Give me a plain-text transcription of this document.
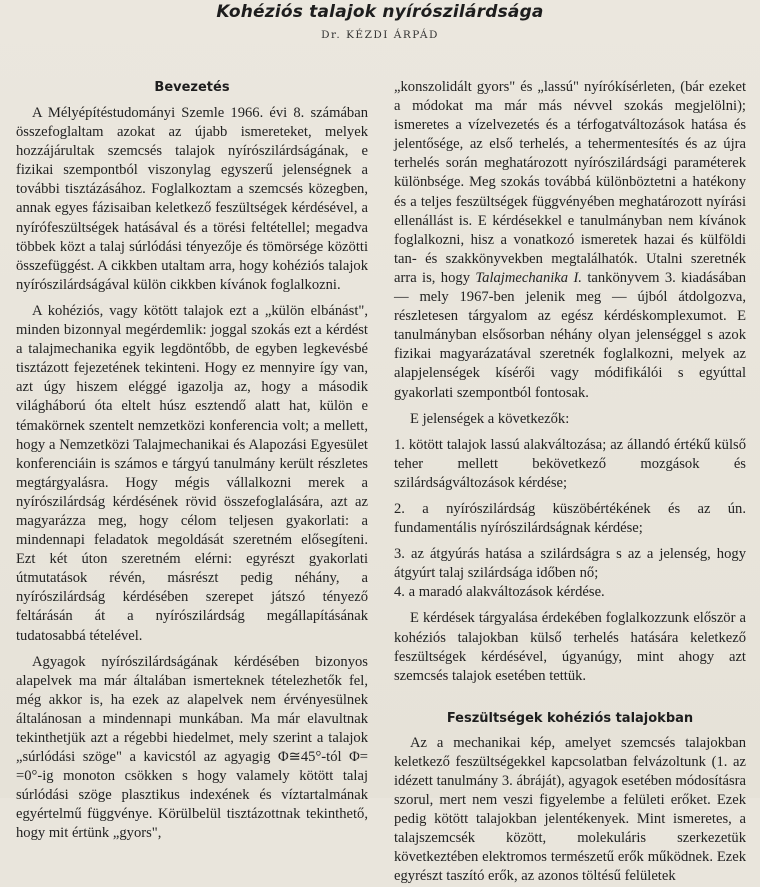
Kohéziós talajok nyírószilárdsága
Dr. KÉZDI ÁRPÁD
Bevezetés

A Mélyépítéstudományi Szemle 1966. évi 8. számában összefoglaltam azokat az újabb ismereteket, melyek hozzájárultak szemcsés talajok nyírószilárdságának, e fizikai szempontból viszonylag egyszerű jelenségnek a további tisztázásához. Foglalkoztam a szemcsés közegben, annak egyes fázisaiban keletkező feszültségek kérdésével, a nyírófeszültségek hatásával és a törési feltétellel; megadva többek közt a talaj súrlódási tényezője és tömörsége közötti összefüggést. A cikkben utaltam arra, hogy kohéziós talajok nyírószilárdságával külön cikkben kívánok foglalkozni.

A kohéziós, vagy kötött talajok ezt a „külön elbánást", minden bizonnyal megérdemlik: joggal szokás ezt a kérdést a talajmechanika egyik legdöntőbb, de egyben legkevésbé tisztázott fejezetének tekinteni. Hogy ez mennyire így van, azt úgy hiszem eléggé igazolja az, hogy a második világháború óta eltelt húsz esztendő alatt hat, külön e témakörnek szentelt nemzetközi konferencia volt; a mellett, hogy a Nemzetközi Talajmechanikai és Alapozási Egyesület konferenciáin is számos e tárgyú tanulmány került részletes megtárgyalásra. Hogy mégis vállalkozni merek a nyírószilárdság kérdésének rövid összefoglalására, azt az magyarázza meg, hogy célom teljesen gyakorlati: a mindennapi feladatok megoldását szeretném elősegíteni. Ezt két úton szeretném elérni: egyrészt gyakorlati útmutatások révén, másrészt pedig néhány, a nyírószilárdság kérdésében szerepet játszó tényező feltárásán át a nyírószilárdság megállapításának tudatosabbá tételével.

Agyagok nyírószilárdságának kérdésében bizonyos alapelvek ma már általában ismerteknek tételezhetők fel, még akkor is, ha ezek az alapelvek nem érvényesülnek általánosan a mindennapi munkában. Ma már elavultnak tekinthetjük azt a régebbi hiedelmet, mely szerint a talajok „súrlódási szöge" a kavicstól az agyagig Φ≅45°-tól Φ= =0°-ig monoton csökken s hogy valamely kötött talaj súrlódási szöge plasztikus indexének és víztartalmának egyértelmű függvénye. Körülbelül tisztázottnak tekinthető, hogy mit értünk „gyors",

„konszolidált gyors" és „lassú" nyírókísérleten, (bár ezeket a módokat ma már más névvel szokás megjelölni); ismeretes a vízelvezetés és a térfogatváltozások hatása és jelentősége, az első terhelés, a tehermentesítés és az újra terhelés során meghatározott nyírószilárdsági paraméterek különbsége. Meg szokás továbbá különböztetni a hatékony és a teljes feszültségek függvényében meghatározott nyírási ellenállást is. E kérdésekkel e tanulmányban nem kívánok foglalkozni, hisz a vonatkozó ismeretek hazai és külföldi tan- és szakkönyvekben megtalálhatók. Utalni szeretnék arra is, hogy Talajmechanika I. tankönyvem 3. kiadásában — mely 1967-ben jelenik meg — újból átdolgozva, részletesen tárgyalom az egész kérdéskomplexumot. E tanulmányban elsősorban néhány olyan jelenséggel s azok fizikai magyarázatával szeretnék foglalkozni, melyek az alapjelenségek kísérői vagy módifikálói s egyúttal gyakorlati szempontból fontosak.

E jelenségek a következők:

1. kötött talajok lassú alakváltozása; az állandó értékű külső teher mellett bekövetkező mozgások és szilárdságváltozások kérdése;

2. a nyírószilárdság küszöbértékének és az ún. fundamentális nyírószilárdságnak kérdése;

3. az átgyúrás hatása a szilárdságra s az a jelenség, hogy átgyúrt talaj szilárdsága időben nő;

4. a maradó alakváltozások kérdése.

E kérdések tárgyalása érdekében foglalkozzunk először a kohéziós talajokban külső terhelés hatására keletkező feszültségek kérdésével, úgyanúgy, mint ahogy azt szemcsés talajok esetében tettük.

Feszültségek kohéziós talajokban

Az a mechanikai kép, amelyet szemcsés talajokban keletkező feszültségekkel kapcsolatban felvázoltunk (1. az idézett tanulmány 3. ábráját), agyagok esetében módosításra szorul, mert nem veszi figyelembe a felületi erőket. Ezek pedig kötött talajokban jelentékenyek. Mint ismeretes, a talajszemcsék között, molekuláris szerkezetük következtében elektromos természetű erők működnek. Ezek egyrészt taszító erők, az azonos töltésű felületek
